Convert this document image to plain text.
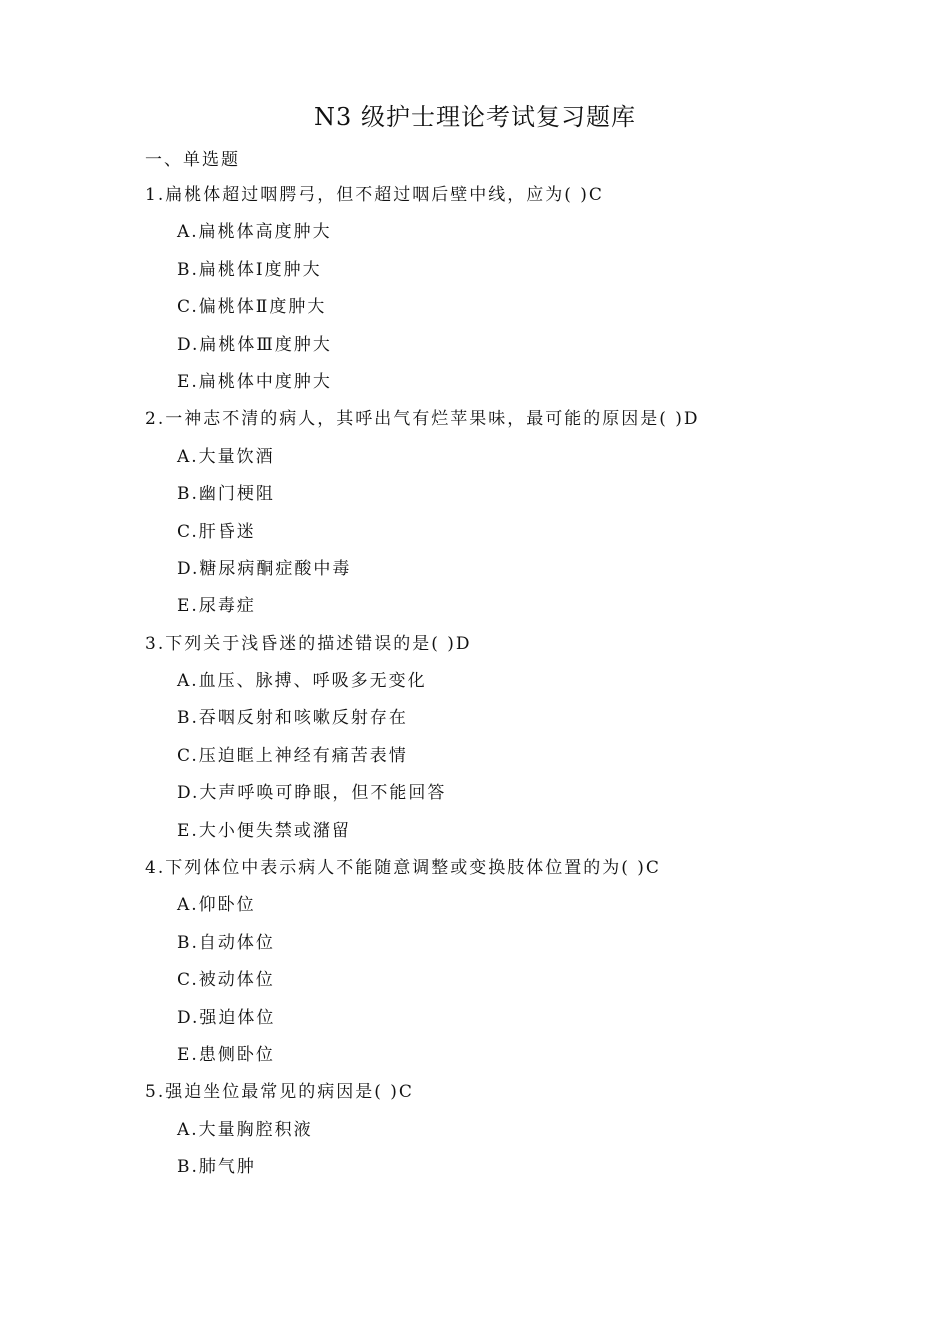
N3 级护士理论考试复习题库
一、单选题
1.扁桃体超过咽腭弓，但不超过咽后壁中线，应为( )C
A.扁桃体高度肿大
B.扁桃体Ⅰ度肿大
C.偏桃体Ⅱ度肿大
D.扁桃体Ⅲ度肿大
E.扁桃体中度肿大
2.一神志不清的病人，其呼出气有烂苹果味，最可能的原因是( )D
A.大量饮酒
B.幽门梗阻
C.肝昏迷
D.糖尿病酮症酸中毒
E.尿毒症
3.下列关于浅昏迷的描述错误的是( )D
A.血压、脉搏、呼吸多无变化
B.吞咽反射和咳嗽反射存在
C.压迫眶上神经有痛苦表情
D.大声呼唤可睁眼，但不能回答
E.大小便失禁或潴留
4.下列体位中表示病人不能随意调整或变换肢体位置的为( )C
A.仰卧位
B.自动体位
C.被动体位
D.强迫体位
E.患侧卧位
5.强迫坐位最常见的病因是( )C
A.大量胸腔积液
B.肺气肿
